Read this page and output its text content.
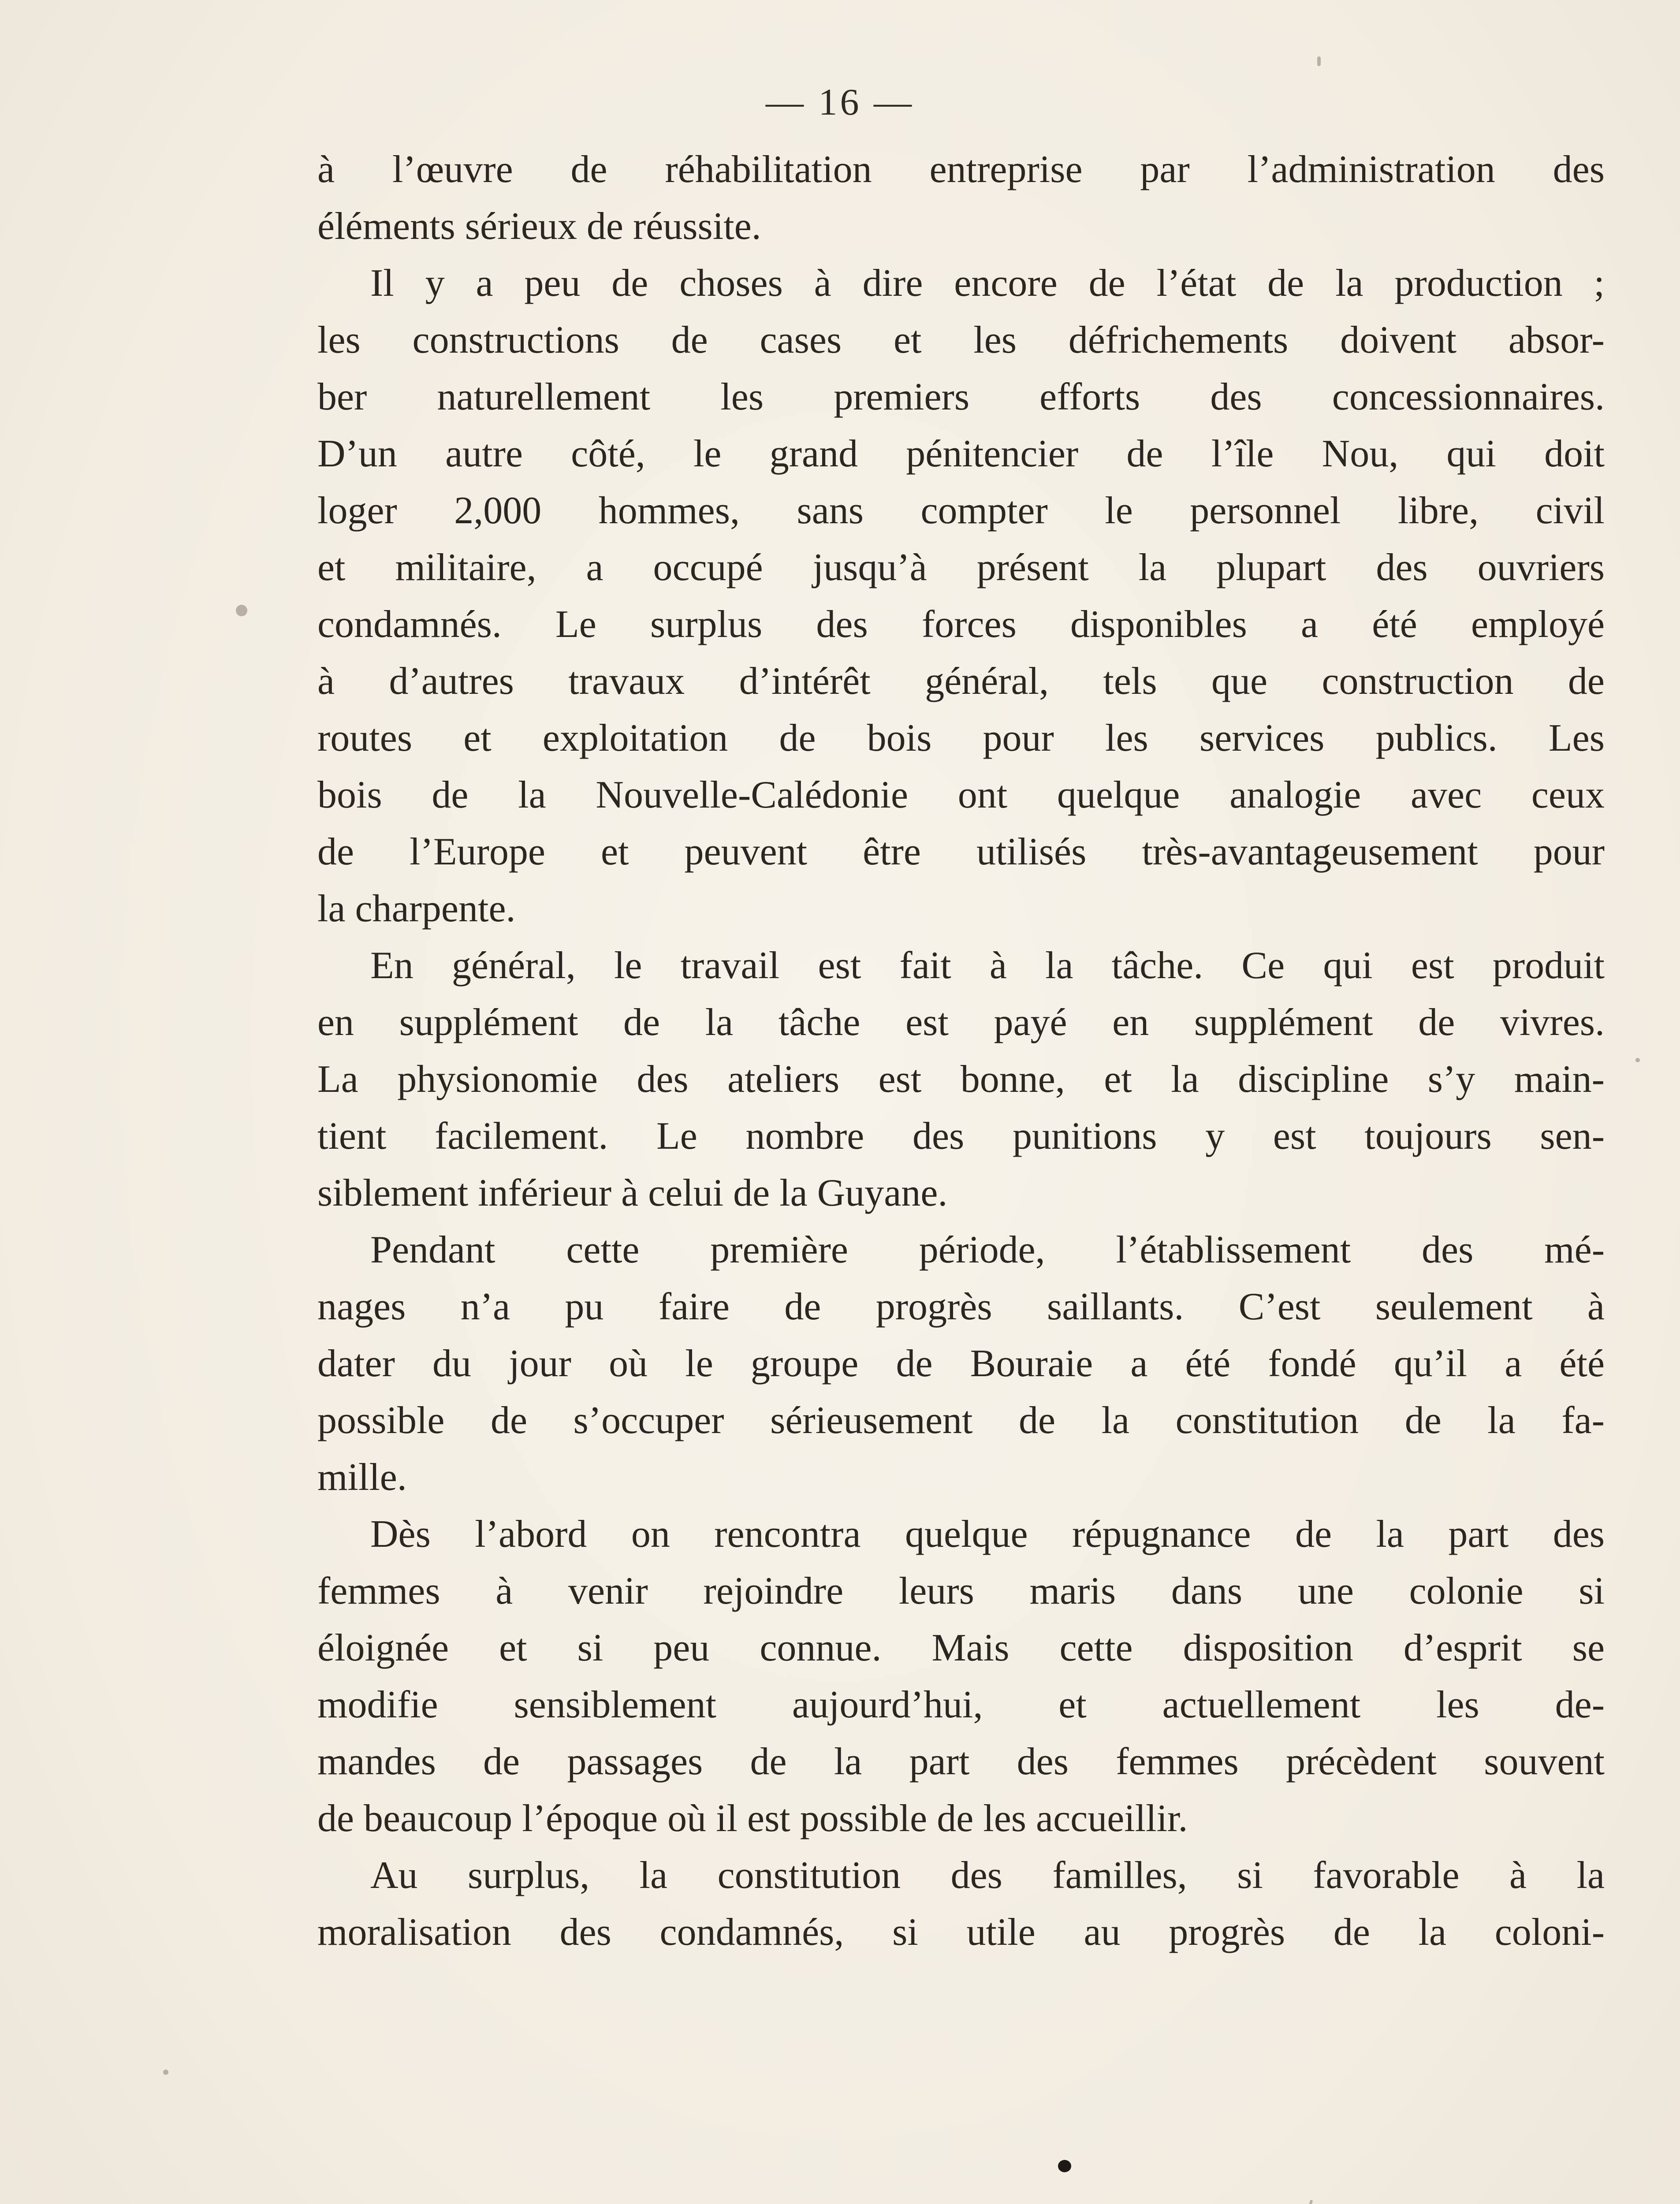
— 16 —
à l’œuvre de réhabilitation entreprise par l’administration des
éléments sérieux de réussite.
Il y a peu de choses à dire encore de l’état de la production ;
les constructions de cases et les défrichements doivent absor-
ber naturellement les premiers efforts des concessionnaires.
D’un autre côté, le grand pénitencier de l’île Nou, qui doit
loger 2,000 hommes, sans compter le personnel libre, civil
et militaire, a occupé jusqu’à présent la plupart des ouvriers
condamnés. Le surplus des forces disponibles a été employé
à d’autres travaux d’intérêt général, tels que construction de
routes et exploitation de bois pour les services publics. Les
bois de la Nouvelle-Calédonie ont quelque analogie avec ceux
de l’Europe et peuvent être utilisés très-avantageusement pour
la charpente.
En général, le travail est fait à la tâche. Ce qui est produit
en supplément de la tâche est payé en supplément de vivres.
La physionomie des ateliers est bonne, et la discipline s’y main-
tient facilement. Le nombre des punitions y est toujours sen-
siblement inférieur à celui de la Guyane.
Pendant cette première période, l’établissement des mé-
nages n’a pu faire de progrès saillants. C’est seulement à
dater du jour où le groupe de Bouraie a été fondé qu’il a été
possible de s’occuper sérieusement de la constitution de la fa-
mille.
Dès l’abord on rencontra quelque répugnance de la part des
femmes à venir rejoindre leurs maris dans une colonie si
éloignée et si peu connue. Mais cette disposition d’esprit se
modifie sensiblement aujourd’hui, et actuellement les de-
mandes de passages de la part des femmes précèdent souvent
de beaucoup l’époque où il est possible de les accueillir.
Au surplus, la constitution des familles, si favorable à la
moralisation des condamnés, si utile au progrès de la coloni-
